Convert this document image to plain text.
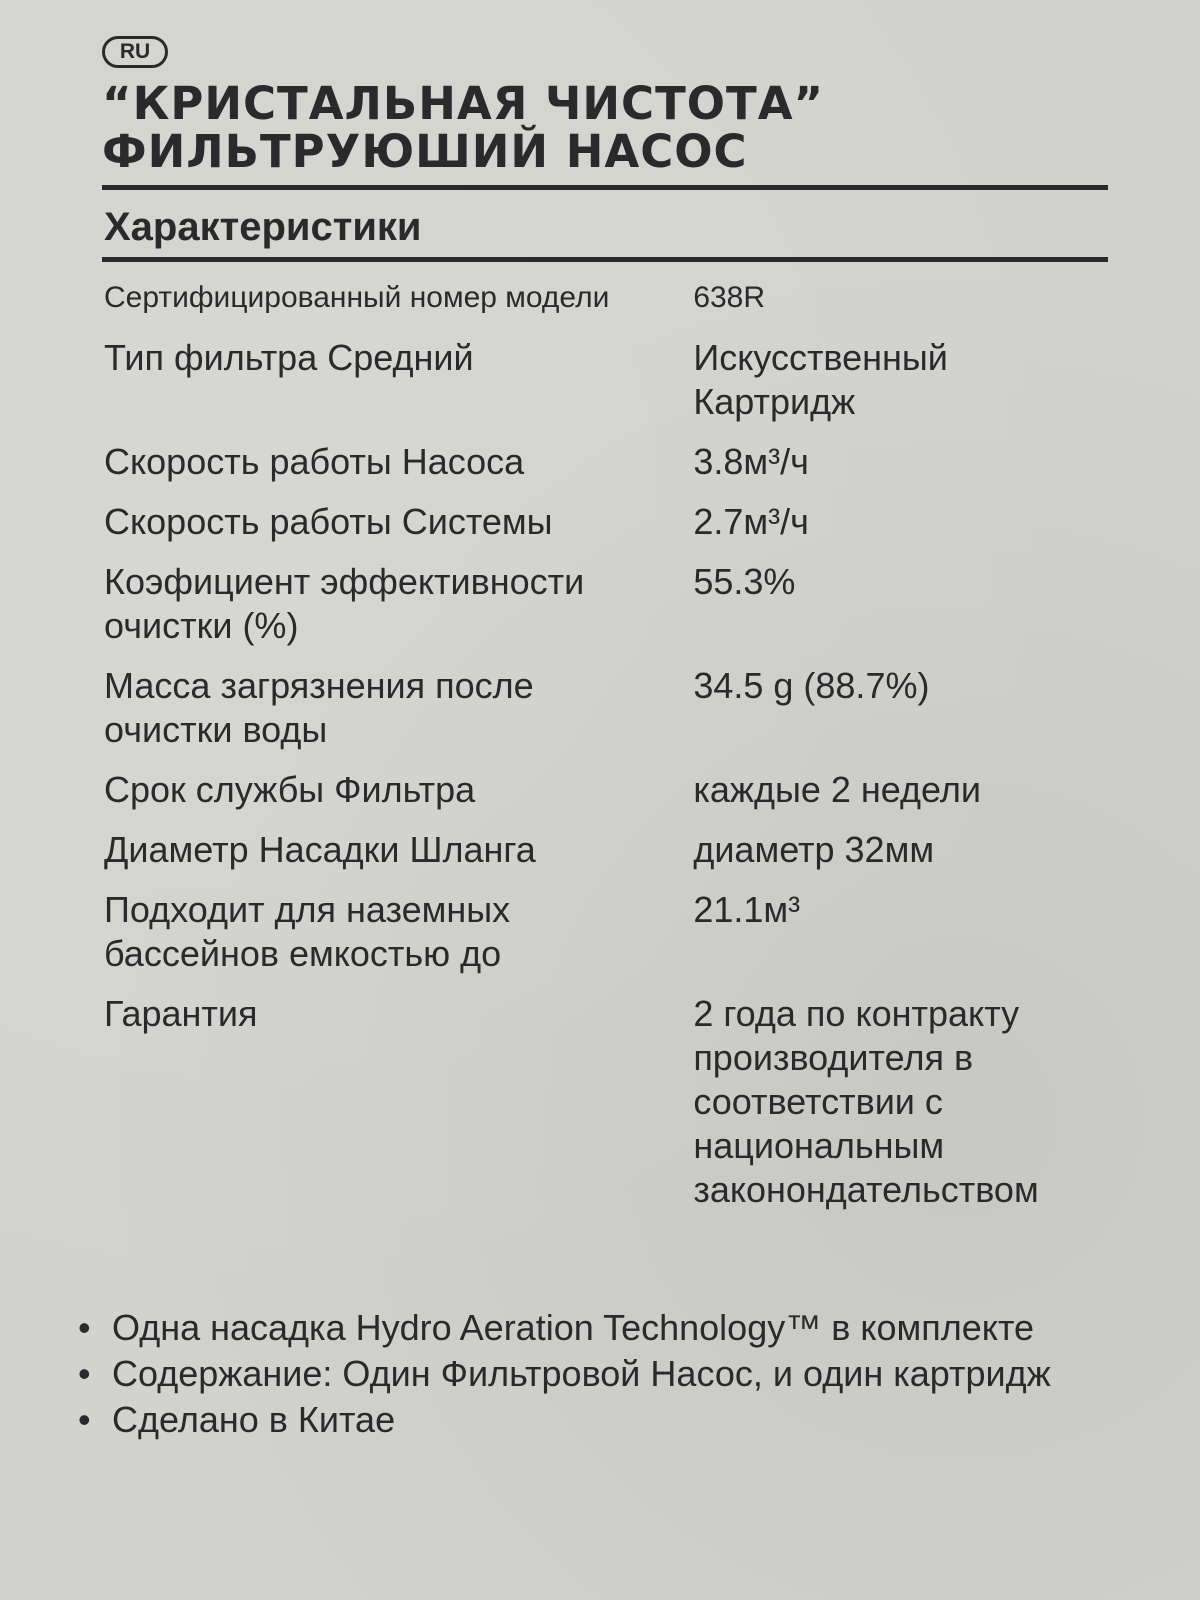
RU
“КРИСТАЛЬНАЯ ЧИСТОТА”
ФИЛЬТРУЮШИЙ НАСОС
Характеристики
Сертифицированный номер модели	638R
Тип фильтра Средний	Искусственный Картридж
Скорость работы Насоса	3.8м³/ч
Скорость работы Системы	2.7м³/ч
Коэфициент эффективности очистки (%)	55.3%
Масса загрязнения после очистки воды	34.5 g (88.7%)
Срок службы Фильтра	каждые 2 недели
Диаметр Насадки Шланга	диаметр 32мм
Подходит для наземных бассейнов емкостью до	21.1м³
Гарантия	2 года по контракту производителя в соответствии с национальным законондательством
• Одна насадка Hydro Aeration Technology™ в комплекте
• Содержание: Один Фильтровой Насос, и один картридж
• Сделано в Китае
